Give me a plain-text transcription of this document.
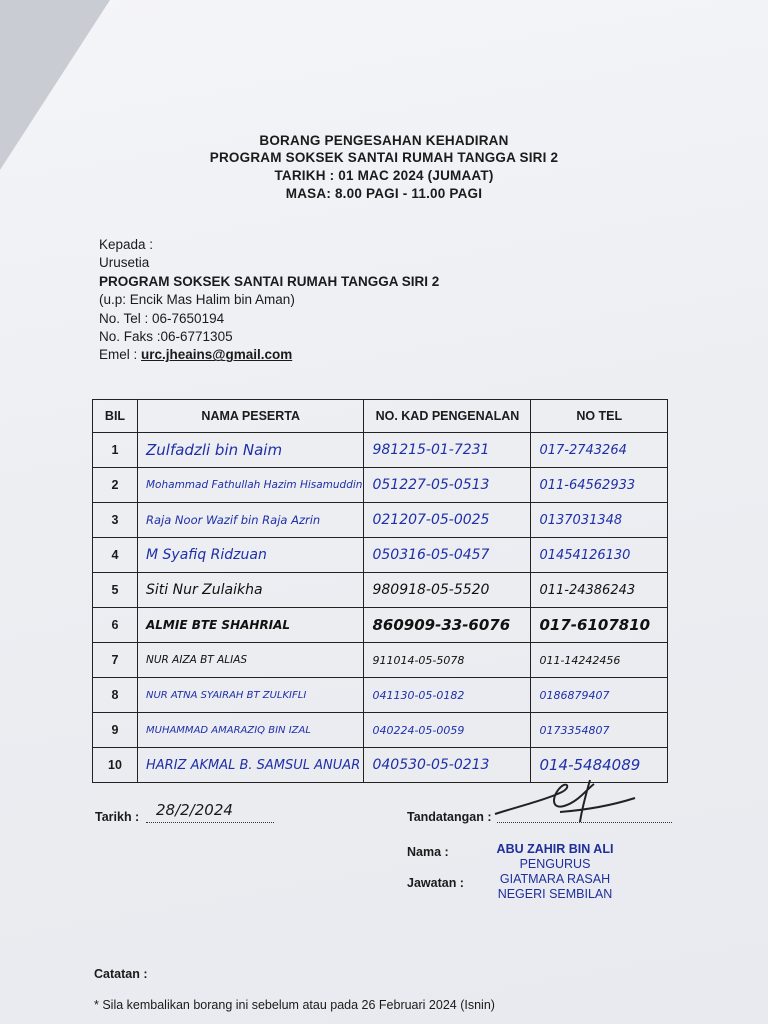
BORANG PENGESAHAN KEHADIRAN
PROGRAM SOKSEK SANTAI RUMAH TANGGA SIRI 2
TARIKH : 01 MAC 2024 (JUMAAT)
MASA: 8.00 PAGI - 11.00 PAGI
Kepada :
Urusetia
PROGRAM SOKSEK SANTAI RUMAH TANGGA SIRI 2
(u.p: Encik Mas Halim bin Aman)
No. Tel : 06-7650194
No. Faks :06-6771305
Emel : urc.jheains@gmail.com
BIL	NAMA PESERTA	NO. KAD PENGENALAN	NO TEL
1	Zulfadzli bin Naim	981215-01-7231	017-2743264
2	Mohammad Fathullah Hazim Hisamuddin	051227-05-0513	011-64562933
3	Raja Noor Wazif bin Raja Azrin	021207-05-0025	0137031348
4	M Syafiq Ridzuan	050316-05-0457	01454126130
5	Siti Nur Zulaikha	980918-05-5520	011-24386243
6	ALMIE BTE SHAHRIAL	860909-33-6076	017-6107810
7	NUR AIZA BT ALIAS	911014-05-5078	011-14242456
8	NUR ATNA SYAIRAH BT ZULKIFLI	041130-05-0182	0186879407
9	MUHAMMAD AMARAZIQ BIN IZAL	040224-05-0059	0173354807
10	HARIZ AKMAL B. SAMSUL ANUAR	040530-05-0213	014-5484089
Tarikh : 28/2/2024	Tandatangan :
Nama :
Jawatan :
ABU ZAHIR BIN ALI
PENGURUS
GIATMARA RASAH
NEGERI SEMBILAN
Catatan :
* Sila kembalikan borang ini sebelum atau pada 26 Februari 2024 (Isnin)
